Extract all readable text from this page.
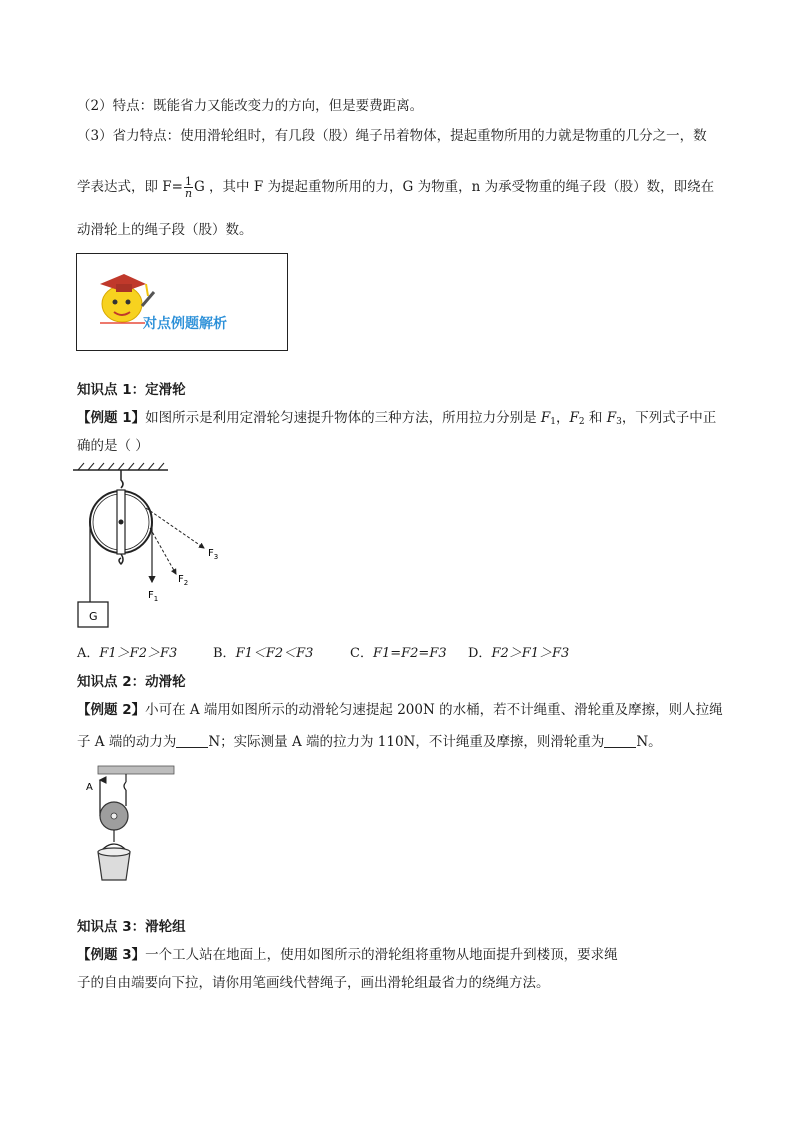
（2）特点：既能省力又能改变力的方向，但是要费距离。
（3）省力特点：使用滑轮组时，有几段（股）绳子吊着物体，提起重物所用的力就是物重的几分之一，数
学表达式，即 $F= \frac{1}{n}$ G ，其中 F 为提起重物所用的力，G 为物重，n 为承受物重的绳子段（股）数，即绕在
动滑轮上的绳子段（股）数。
对点例题解析
知识点 1：定滑轮
【例题 1】如图所示是利用定滑轮匀速提升物体的三种方法，所用拉力分别是 $F_1$，$F_2$ 和 $F_3$，下列式子中正
确的是（ ）
G
$F_1$
$F_2$
$F_3$
A．F1＞F2＞F3	B．F1＜F2＜F3	C．F1=F2=F3 D．F2＞F1＞F3
知识点 2：动滑轮
【例题 2】小可在 A 端用如图所示的动滑轮匀速提起 200N 的水桶，若不计绳重、滑轮重及摩擦，则人拉绳
子 A 端的动力为 N；实际测量 A 端的拉力为 110N，不计绳重及摩擦，则滑轮重为 N。
A
知识点 3：滑轮组
【例题 3】一个工人站在地面上，使用如图所示的滑轮组将重物从地面提升到楼顶，要求绳
子的自由端要向下拉，请你用笔画线代替绳子，画出滑轮组最省力的绕绳方法。
